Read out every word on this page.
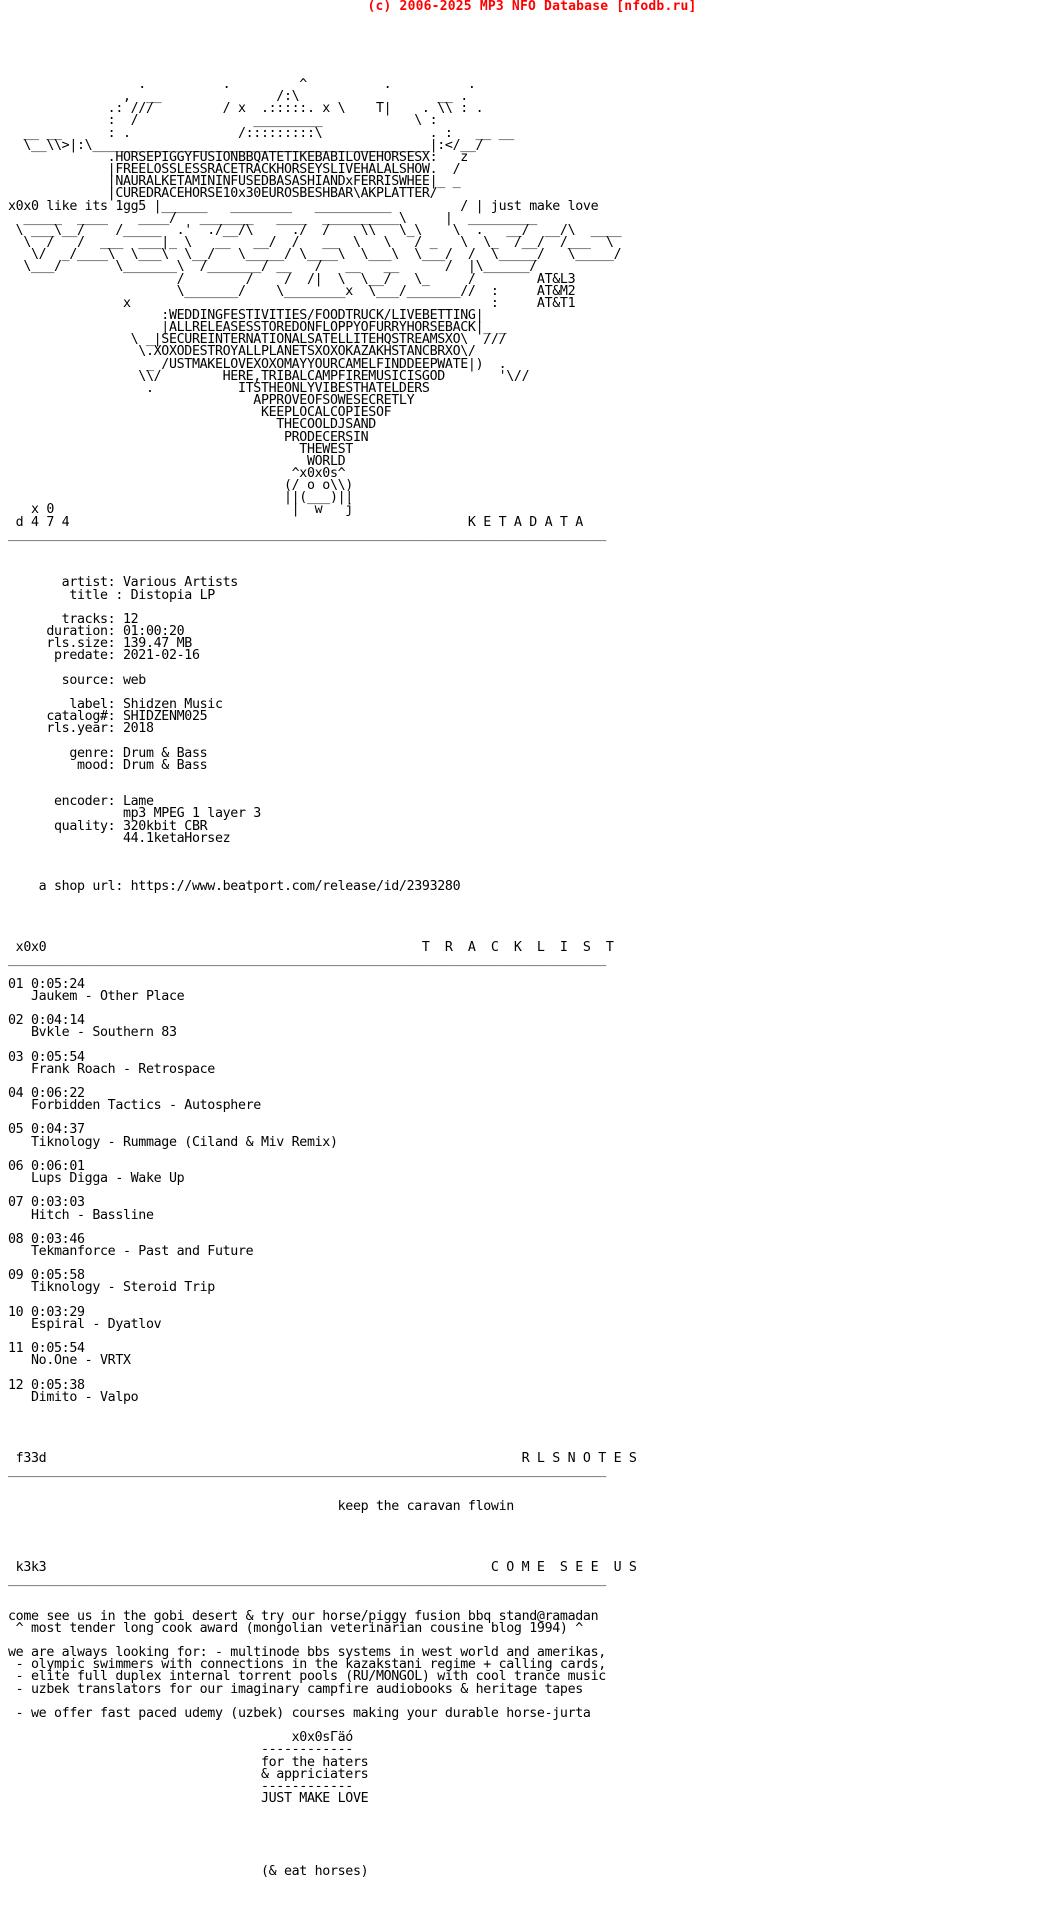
(c) 2006-2025 MP3 NFO Database [nfodb.ru]
.          .         ^          .          .
,  __               /:\                  __ .
.: ///         / x  .:::::. x \    T|    . \\ : .
:  /               _________            \ :
__ __      : .              /:::::::::\              . :   __ __
\__\\>|:\____________________________________________|:</__/
.HORSEPIGGYFUSIONBBQATETIKEBABILOVEHORSESX:   z
|FREELOSSLESSRACETRACKHORSEYSLIVEHALALSHOW.  /
|NAURALKETAMININFUSEDBASASHIANDxFERRISWHEE|_ _
|CUREDRACEHORSE10x30EUROSBESHBAR\AKPLATTER/
x0x0 like its 1gg5 |______   ________   __________         / | just make love
_____  ____    ____/   _______   ____  __________\     |  _________
\ ___\__/    /_____  .'  ./__/\     ./  /    \\   \_\    \  .   __/  __/\  ____
\  /   /  ___  ___|_ \   __   __/  /   __  \   \   / _   \  \_  /__/  /___  \
\/  _/____\  \___\  \__/   \_____/ \____\  \___\  \___/  /  \_____/   \_____/
\___/       \_______\  /_______/ __   /   __   __      /  |\______/
/        /    /  /|  \  \__/   \_     /        AT&L3
\_______/    \________x  \___/_______//  :     AT&M2
x                                               :     AT&T1
:WEDDINGFESTIVITIES/FOODTRUCK/LIVEBETTING|
|ALLRELEASESSTOREDONFLOPPYOFURRYHORSEBACK|_ _
\ _|SECUREINTERNATIONALSATELLITEHQSTREAMSXO\  ///
\.XOXODESTROYALLPLANETSXOXOKAZAKHSTANCBRXO\/
_ /USTMAKELOVEXOXOMAYYOURCAMELFINDDEEPWATE|)  .
\\/        HERE,TRIBALCAMPFIREMUSICISGOD       '\//
.           ITSTHEONLYVIBESTHATELDERS
APPROVEOFSOWESECRETLY
KEEPLOCALCOPIESOF
THECOOLDJSAND
PRODECERSIN
THEWEST
WORLD
^x0x0s^
(/ o o\\)
||(___)||
x 0                               |  w   j
d 4 7 4                                                    K E T A D A T A
______________________________________________________________________________

artist: Various Artists
title : Distopia LP

tracks: 12
duration: 01:00:20
rls.size: 139.47 MB
predate: 2021-02-16

source: web

label: Shidzen Music
catalog#: SHIDZENM025
rls.year: 2018

genre: Drum & Bass
mood: Drum & Bass

encoder: Lame
mp3 MPEG 1 layer 3
quality: 320kbit CBR
44.1ketaHorsez

a shop url: https://www.beatport.com/release/id/2393280

x0x0                                                 T  R  A  C  K  L  I  S  T
______________________________________________________________________________

01 0:05:24
Jaukem - Other Place

02 0:04:14
Bvkle - Southern 83

03 0:05:54
Frank Roach - Retrospace

04 0:06:22
Forbidden Tactics - Autosphere

05 0:04:37
Tiknology - Rummage (Ciland & Miv Remix)

06 0:06:01
Lups Digga - Wake Up

07 0:03:03
Hitch - Bassline

08 0:03:46
Tekmanforce - Past and Future

09 0:05:58
Tiknology - Steroid Trip

10 0:03:29
Espiral - Dyatlov

11 0:05:54
No.One - VRTX

12 0:05:38
Dimito - Valpo

f33d                                                              R L S N O T E S
______________________________________________________________________________

keep the caravan flowin

k3k3                                                          C O M E  S E E  U S
______________________________________________________________________________

come see us in the gobi desert & try our horse/piggy fusion bbq stand@ramadan
^ most tender long cook award (mongolian veterinarian cousine blog 1994) ^

we are always looking for: - multinode bbs systems in west world and amerikas,
- olympic swimmers with connections in the kazakstani regime + calling cards,
- elite full duplex internal torrent pools (RU/MONGOL) with cool trance music
- uzbek translators for our imaginary campfire audiobooks & heritage tapes

- we offer fast paced udemy (uzbek) courses making your durable horse-jurta

x0x0sГäó
------------
for the haters
& appriciaters
------------
JUST MAKE LOVE

(& eat horses)
